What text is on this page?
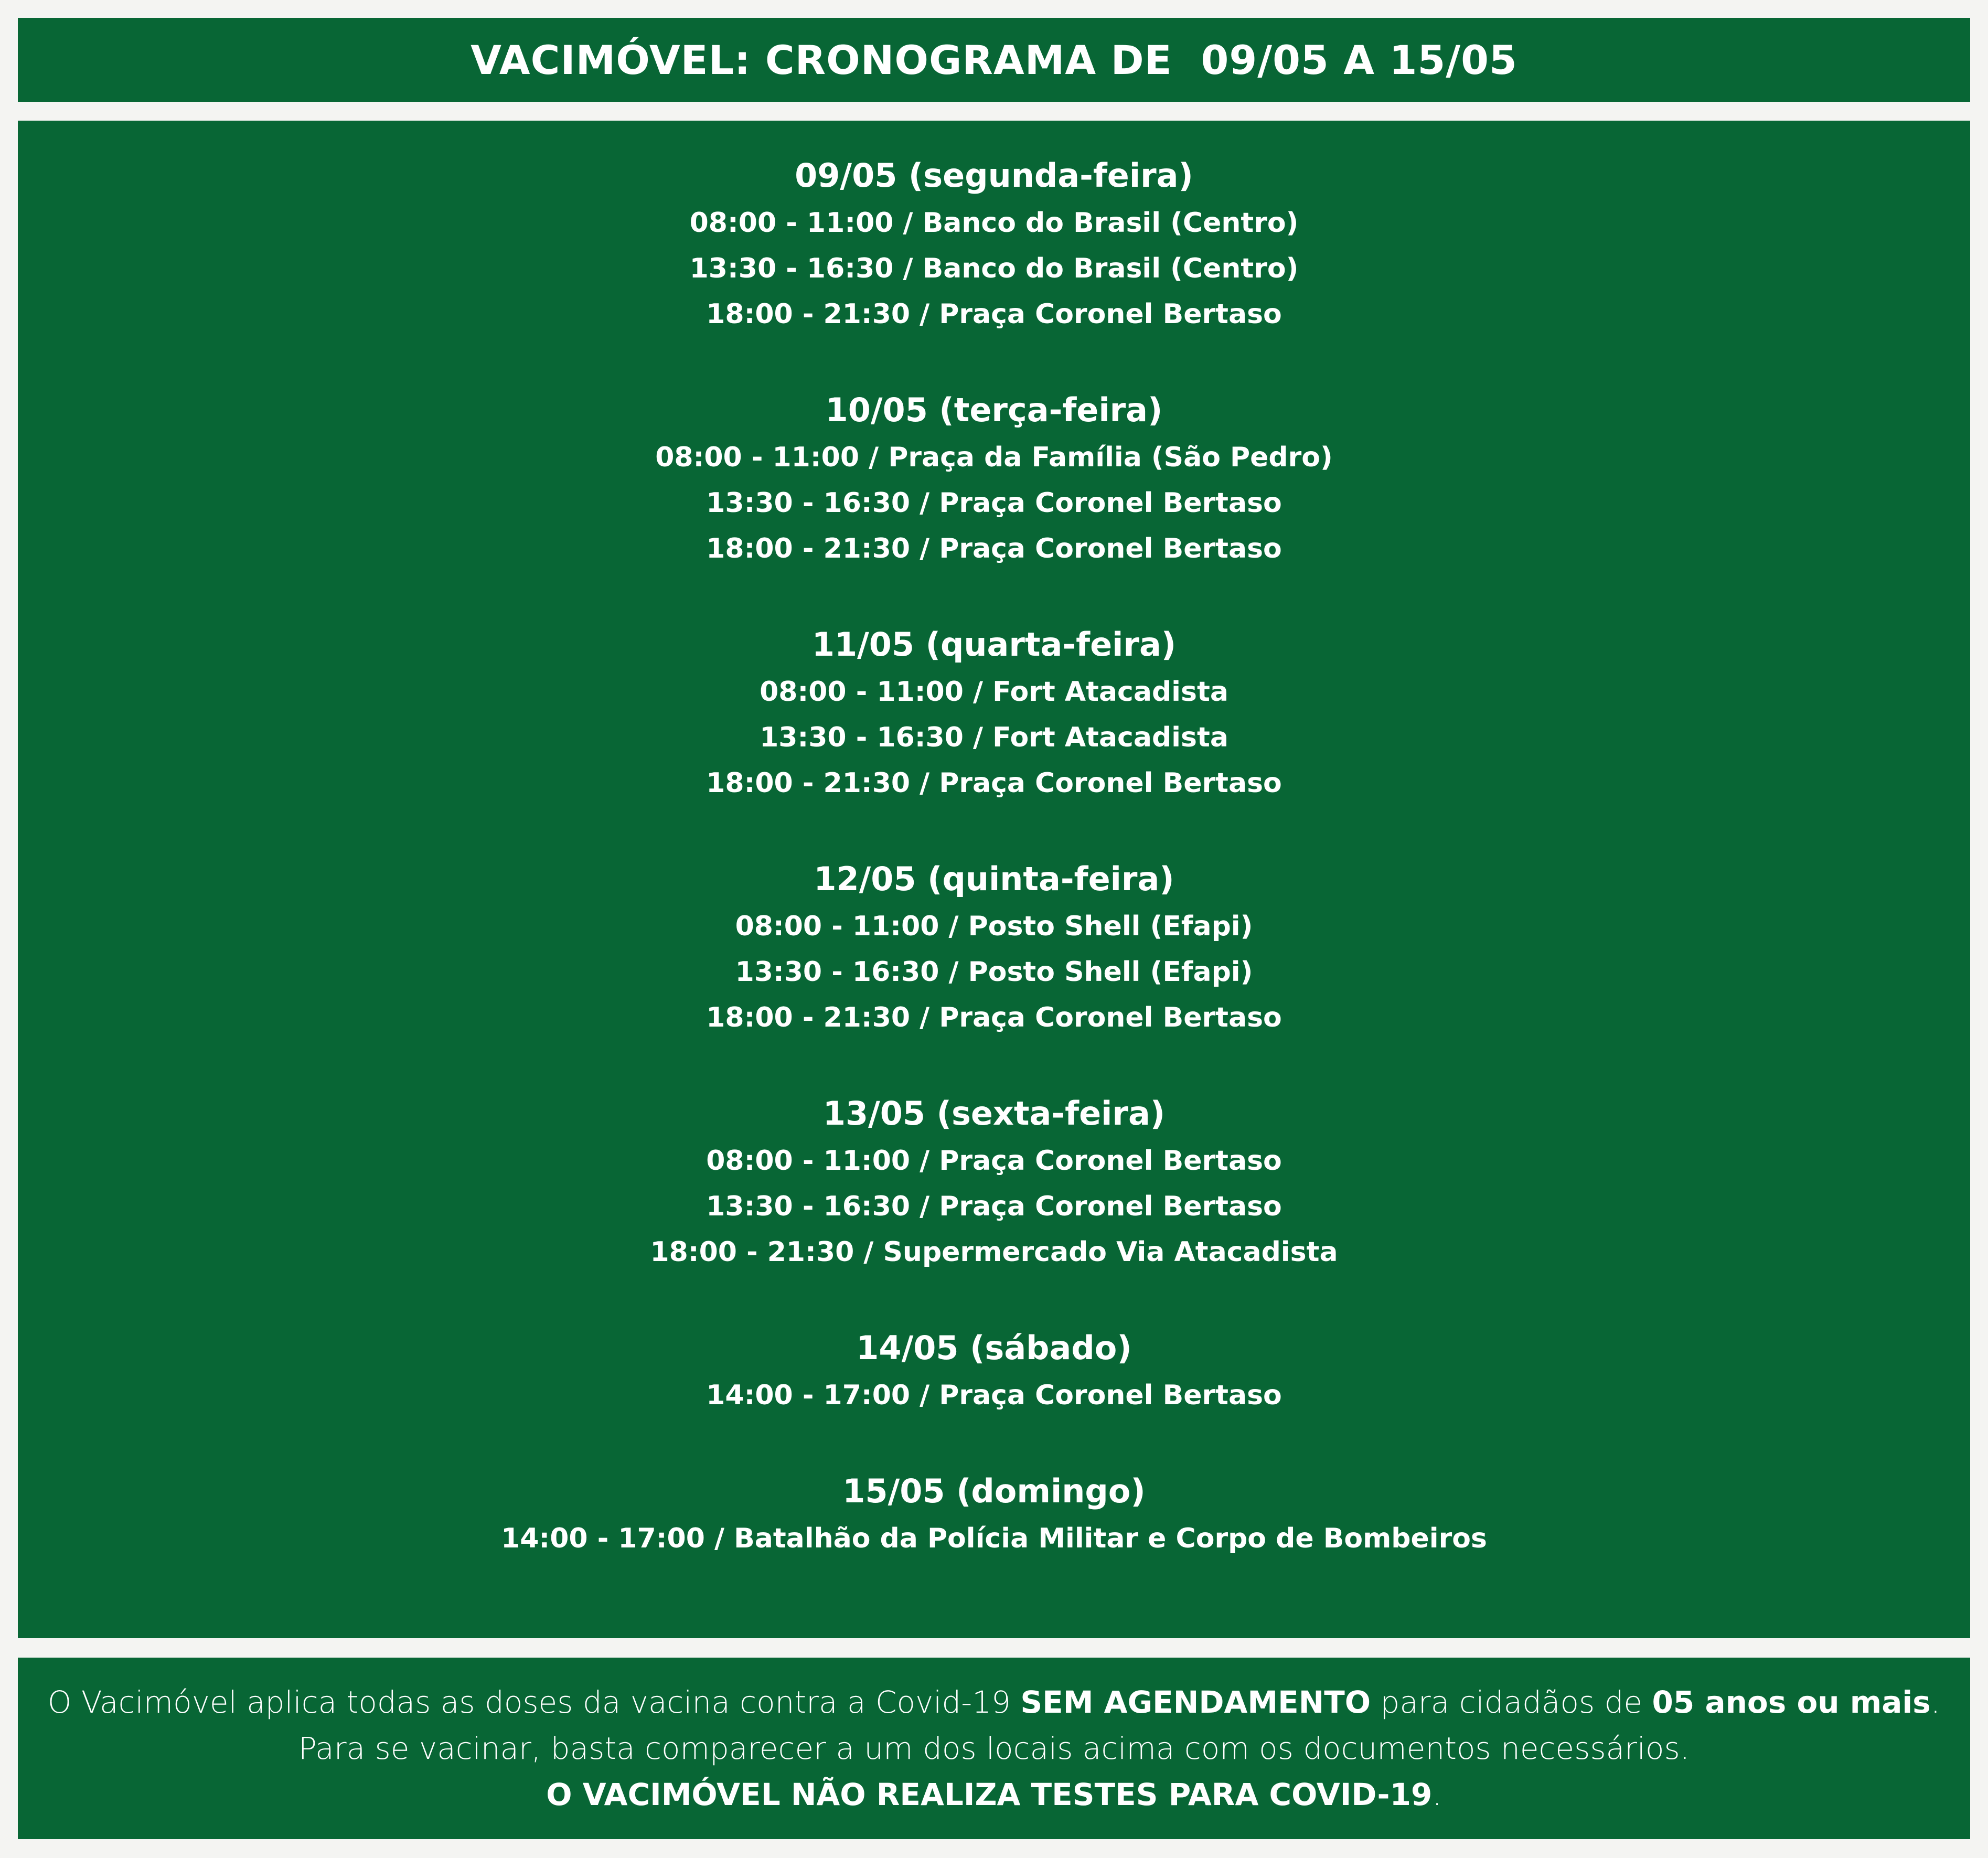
VACIMÓVEL: CRONOGRAMA DE  09/05 A 15/05
09/05 (segunda-feira)
08:00 - 11:00 / Banco do Brasil (Centro)
13:30 - 16:30 / Banco do Brasil (Centro)
18:00 - 21:30 / Praça Coronel Bertaso
10/05 (terça-feira)
08:00 - 11:00 / Praça da Família (São Pedro)
13:30 - 16:30 / Praça Coronel Bertaso
18:00 - 21:30 / Praça Coronel Bertaso
11/05 (quarta-feira)
08:00 - 11:00 / Fort Atacadista
13:30 - 16:30 / Fort Atacadista
18:00 - 21:30 / Praça Coronel Bertaso
12/05 (quinta-feira)
08:00 - 11:00 / Posto Shell (Efapi)
13:30 - 16:30 / Posto Shell (Efapi)
18:00 - 21:30 / Praça Coronel Bertaso
13/05 (sexta-feira)
08:00 - 11:00 / Praça Coronel Bertaso
13:30 - 16:30 / Praça Coronel Bertaso
18:00 - 21:30 / Supermercado Via Atacadista
14/05 (sábado)
14:00 - 17:00 / Praça Coronel Bertaso
15/05 (domingo)
14:00 - 17:00 / Batalhão da Polícia Militar e Corpo de Bombeiros
O Vacimóvel aplica todas as doses da vacina contra a Covid-19 SEM AGENDAMENTO para cidadãos de 05 anos ou mais.
Para se vacinar, basta comparecer a um dos locais acima com os documentos necessários.
O VACIMÓVEL NÃO REALIZA TESTES PARA COVID-19.
